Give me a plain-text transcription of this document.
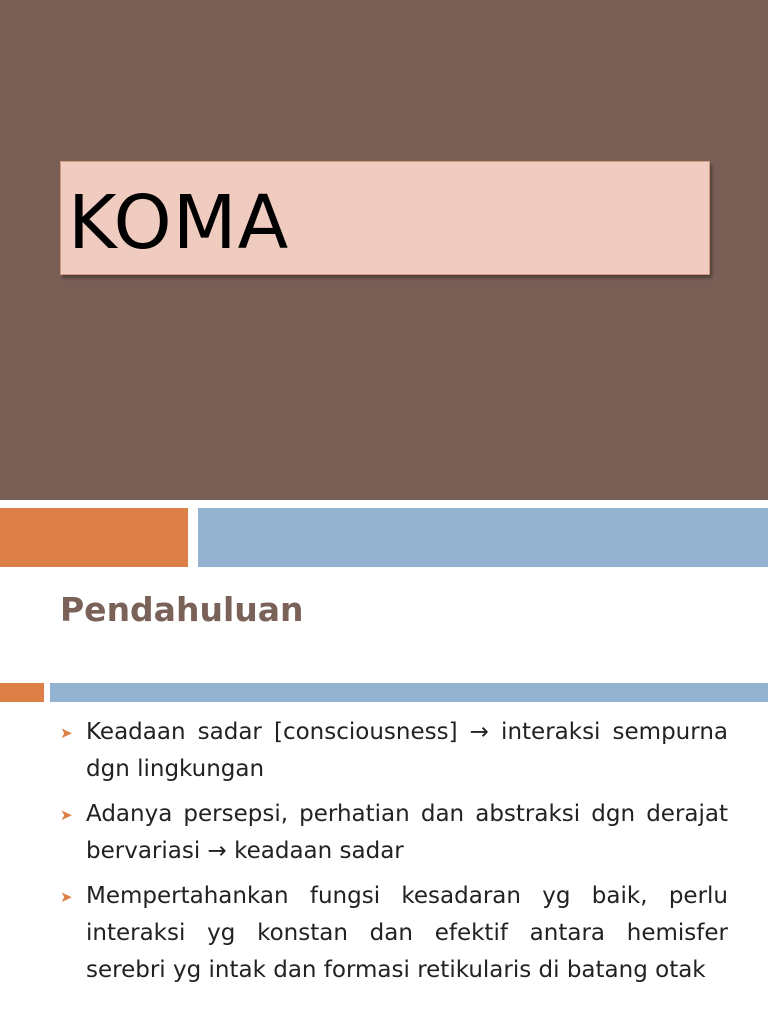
KOMA
Pendahuluan
➤ Keadaan sadar [consciousness] → interaksi sempurna dgn lingkungan
➤ Adanya persepsi, perhatian dan abstraksi dgn derajat bervariasi → keadaan sadar
➤ Mempertahankan fungsi kesadaran yg baik, perlu interaksi yg konstan dan efektif antara hemisfer serebri yg intak dan formasi retikularis di batang otak
